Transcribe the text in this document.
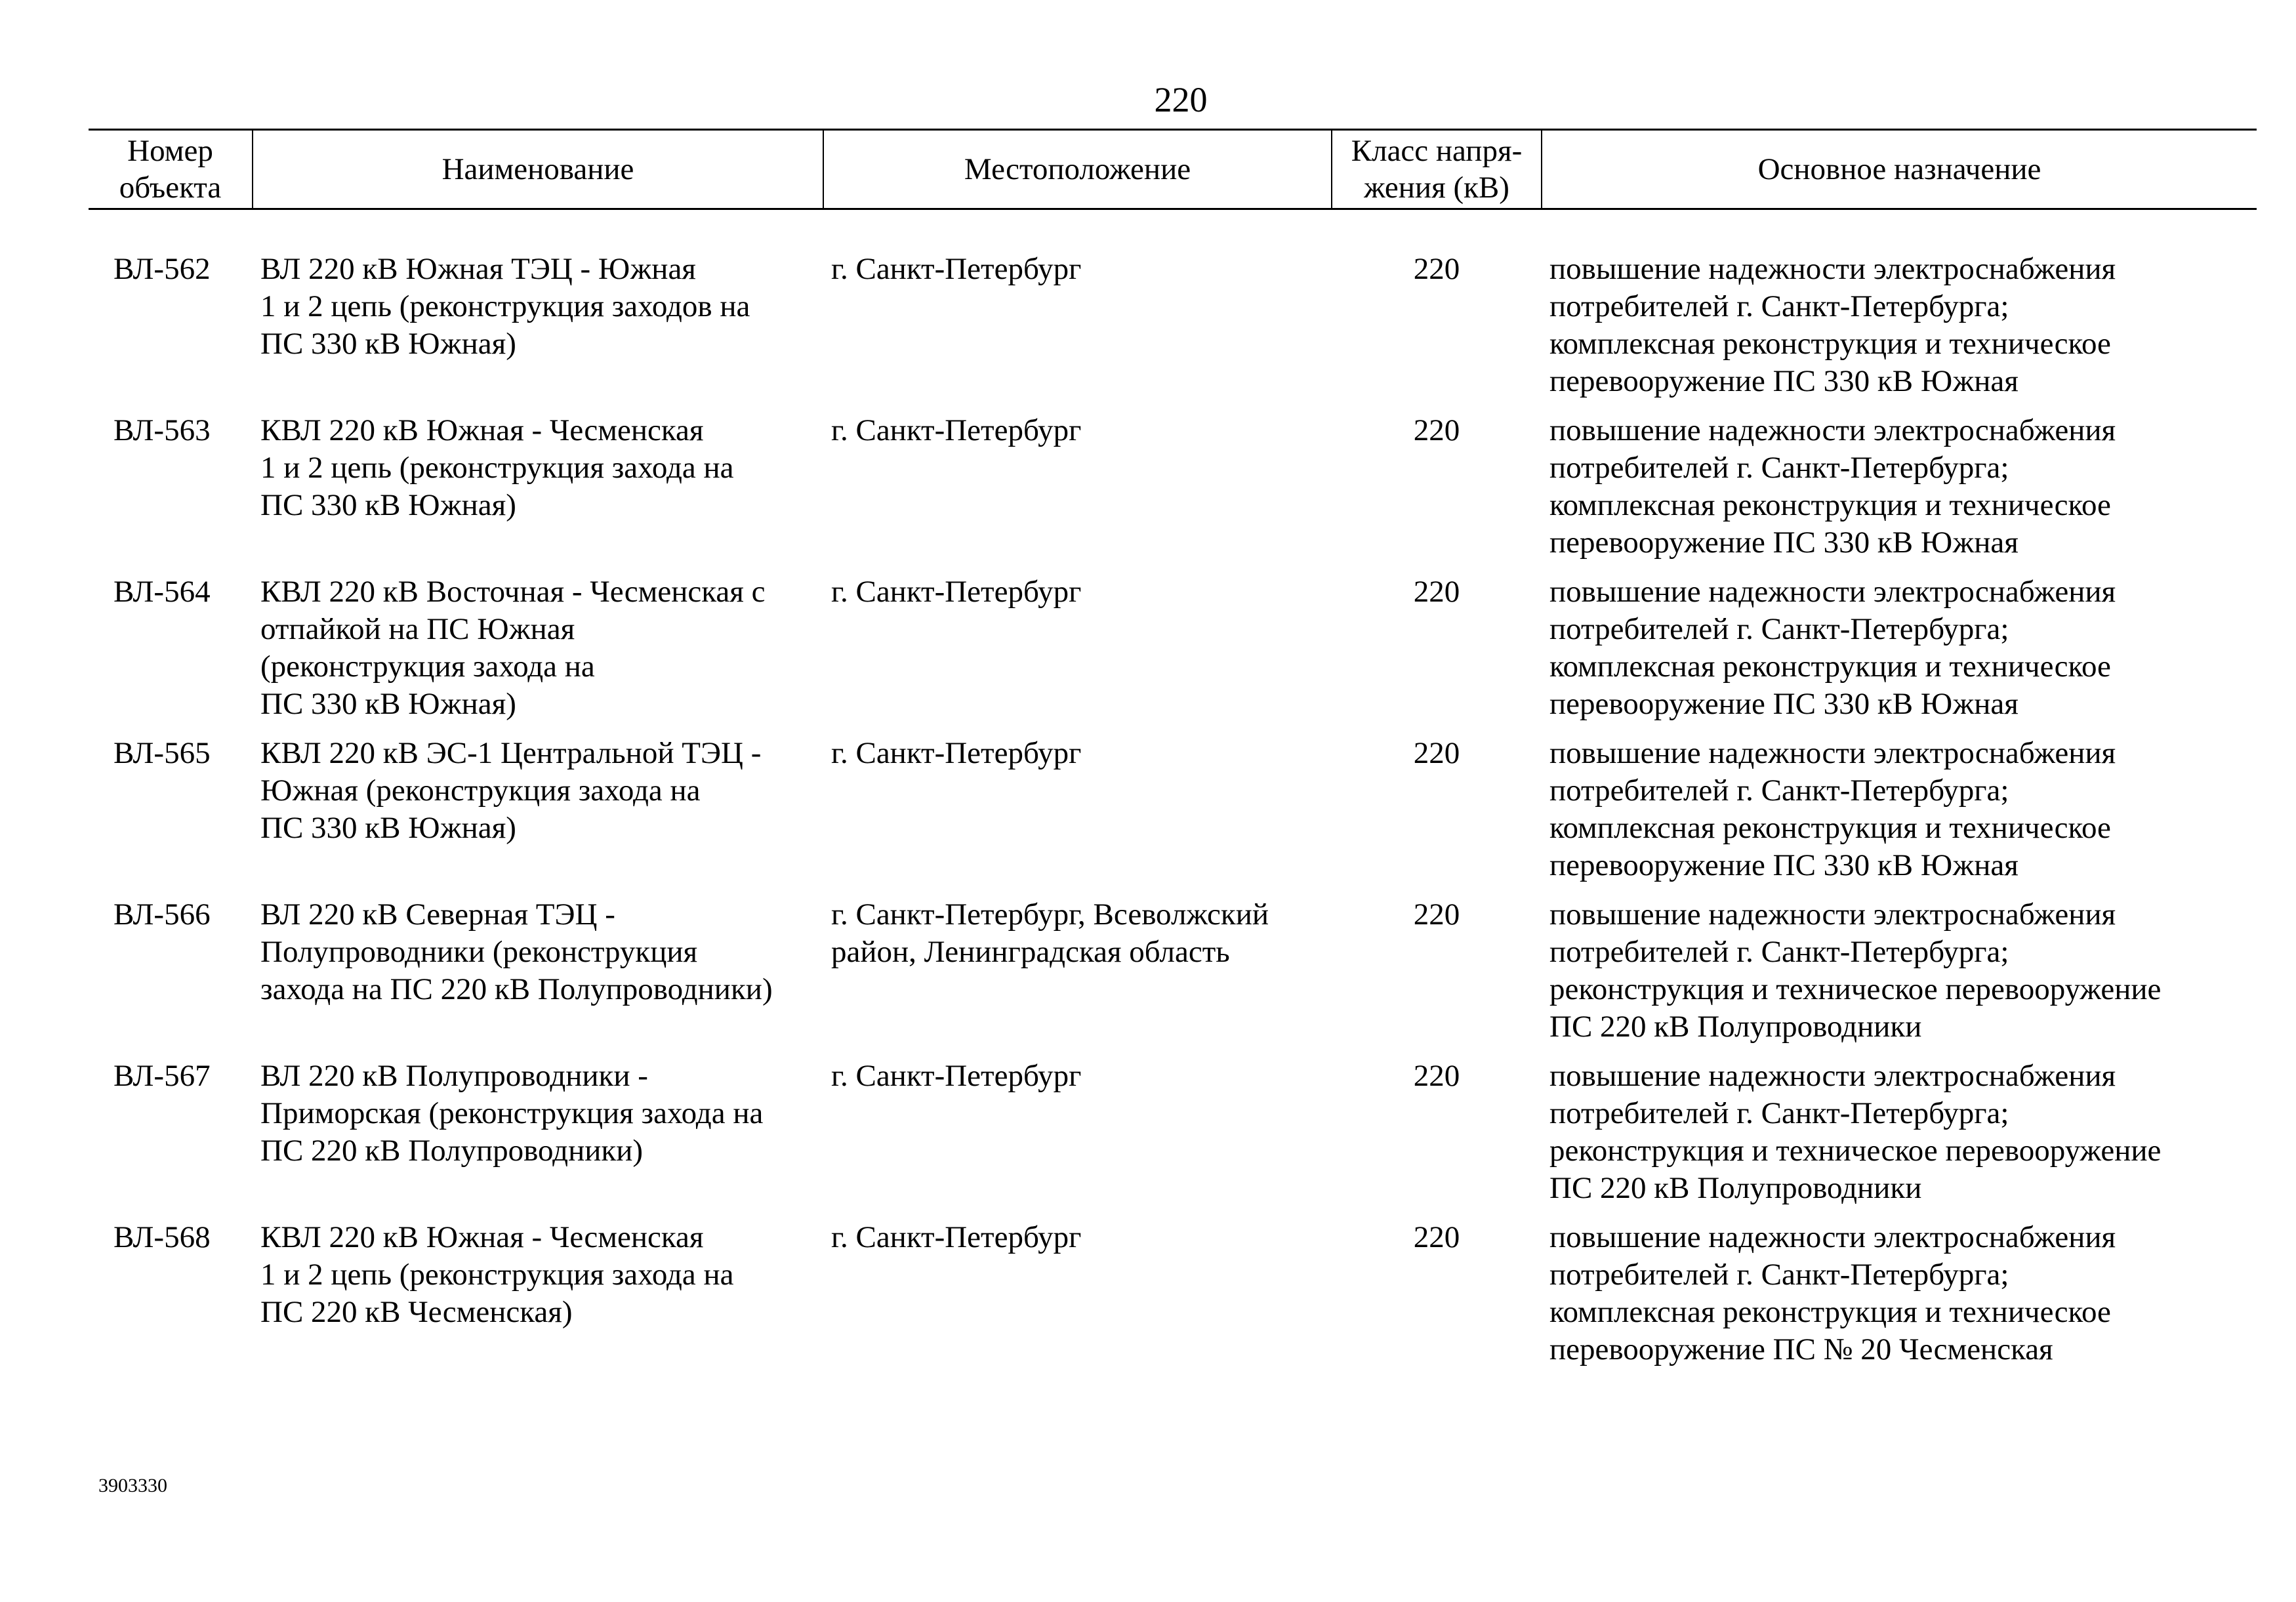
220
Номер
объекта	Наименование	Местоположение	Класс напря-
жения (кВ)	Основное назначение
ВЛ-562	ВЛ 220 кВ Южная ТЭЦ - Южная
1 и 2 цепь (реконструкция заходов на
ПС 330 кВ Южная)	г. Санкт-Петербург	220	повышение надежности электроснабжения
потребителей г. Санкт-Петербурга;
комплексная реконструкция и техническое
перевооружение ПС 330 кВ Южная
ВЛ-563	КВЛ 220 кВ Южная - Чесменская
1 и 2 цепь (реконструкция захода на
ПС 330 кВ Южная)	г. Санкт-Петербург	220	повышение надежности электроснабжения
потребителей г. Санкт-Петербурга;
комплексная реконструкция и техническое
перевооружение ПС 330 кВ Южная
ВЛ-564	КВЛ 220 кВ Восточная - Чесменская с
отпайкой на ПС Южная
(реконструкция захода на
ПС 330 кВ Южная)	г. Санкт-Петербург	220	повышение надежности электроснабжения
потребителей г. Санкт-Петербурга;
комплексная реконструкция и техническое
перевооружение ПС 330 кВ Южная
ВЛ-565	КВЛ 220 кВ ЭС-1 Центральной ТЭЦ -
Южная (реконструкция захода на
ПС 330 кВ Южная)	г. Санкт-Петербург	220	повышение надежности электроснабжения
потребителей г. Санкт-Петербурга;
комплексная реконструкция и техническое
перевооружение ПС 330 кВ Южная
ВЛ-566	ВЛ 220 кВ Северная ТЭЦ -
Полупроводники (реконструкция
захода на ПС 220 кВ Полупроводники)	г. Санкт-Петербург, Всеволжский
район, Ленинградская область	220	повышение надежности электроснабжения
потребителей г. Санкт-Петербурга;
реконструкция и техническое перевооружение
ПС 220 кВ Полупроводники
ВЛ-567	ВЛ 220 кВ Полупроводники -
Приморская (реконструкция захода на
ПС 220 кВ Полупроводники)	г. Санкт-Петербург	220	повышение надежности электроснабжения
потребителей г. Санкт-Петербурга;
реконструкция и техническое перевооружение
ПС 220 кВ Полупроводники
ВЛ-568	КВЛ 220 кВ Южная - Чесменская
1 и 2 цепь (реконструкция захода на
ПС 220 кВ Чесменская)	г. Санкт-Петербург	220	повышение надежности электроснабжения
потребителей г. Санкт-Петербурга;
комплексная реконструкция и техническое
перевооружение ПС № 20 Чесменская
3903330
